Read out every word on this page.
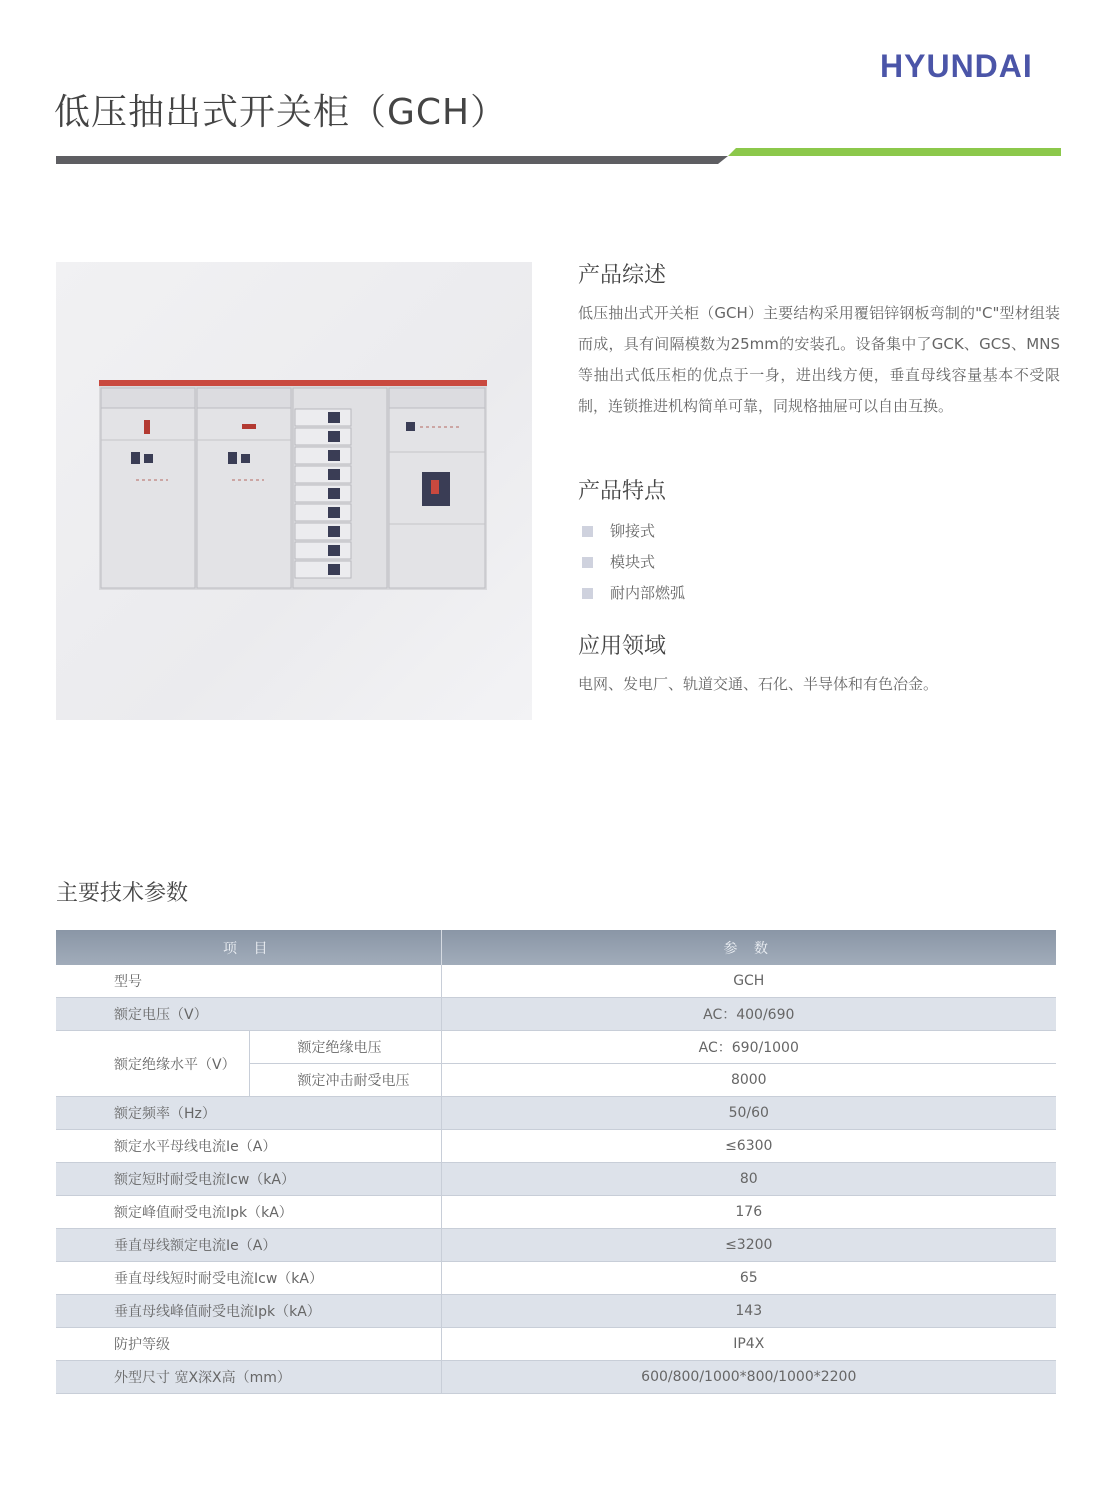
HYUNDAI
低压抽出式开关柜（GCH）
产品综述

低压抽出式开关柜（GCH）主要结构采用覆铝锌钢板弯制的"C"型材组装而成，具有间隔模数为25mm的安装孔。设备集中了GCK、GCS、MNS等抽出式低压柜的优点于一身，进出线方便，垂直母线容量基本不受限制，连锁推进机构简单可靠，同规格抽屉可以自由互换。

产品特点
铆接式
模块式
耐内部燃弧
应用领域

电网、发电厂、轨道交通、石化、半导体和有色冶金。

主要技术参数
项 目		参 数
型号		GCH
额定电压（V）		AC：400/690
额定绝缘水平（V）	额定绝缘电压	AC：690/1000
	额定冲击耐受电压	8000
额定频率（Hz）		50/60
额定水平母线电流Ie（A）		≤6300
额定短时耐受电流Icw（kA）		80
额定峰值耐受电流Ipk（kA）		176
垂直母线额定电流Ie（A）		≤3200
垂直母线短时耐受电流Icw（kA）		65
垂直母线峰值耐受电流Ipk（kA）		143
防护等级		IP4X
外型尺寸 宽X深X高（mm）		600/800/1000*800/1000*2200
